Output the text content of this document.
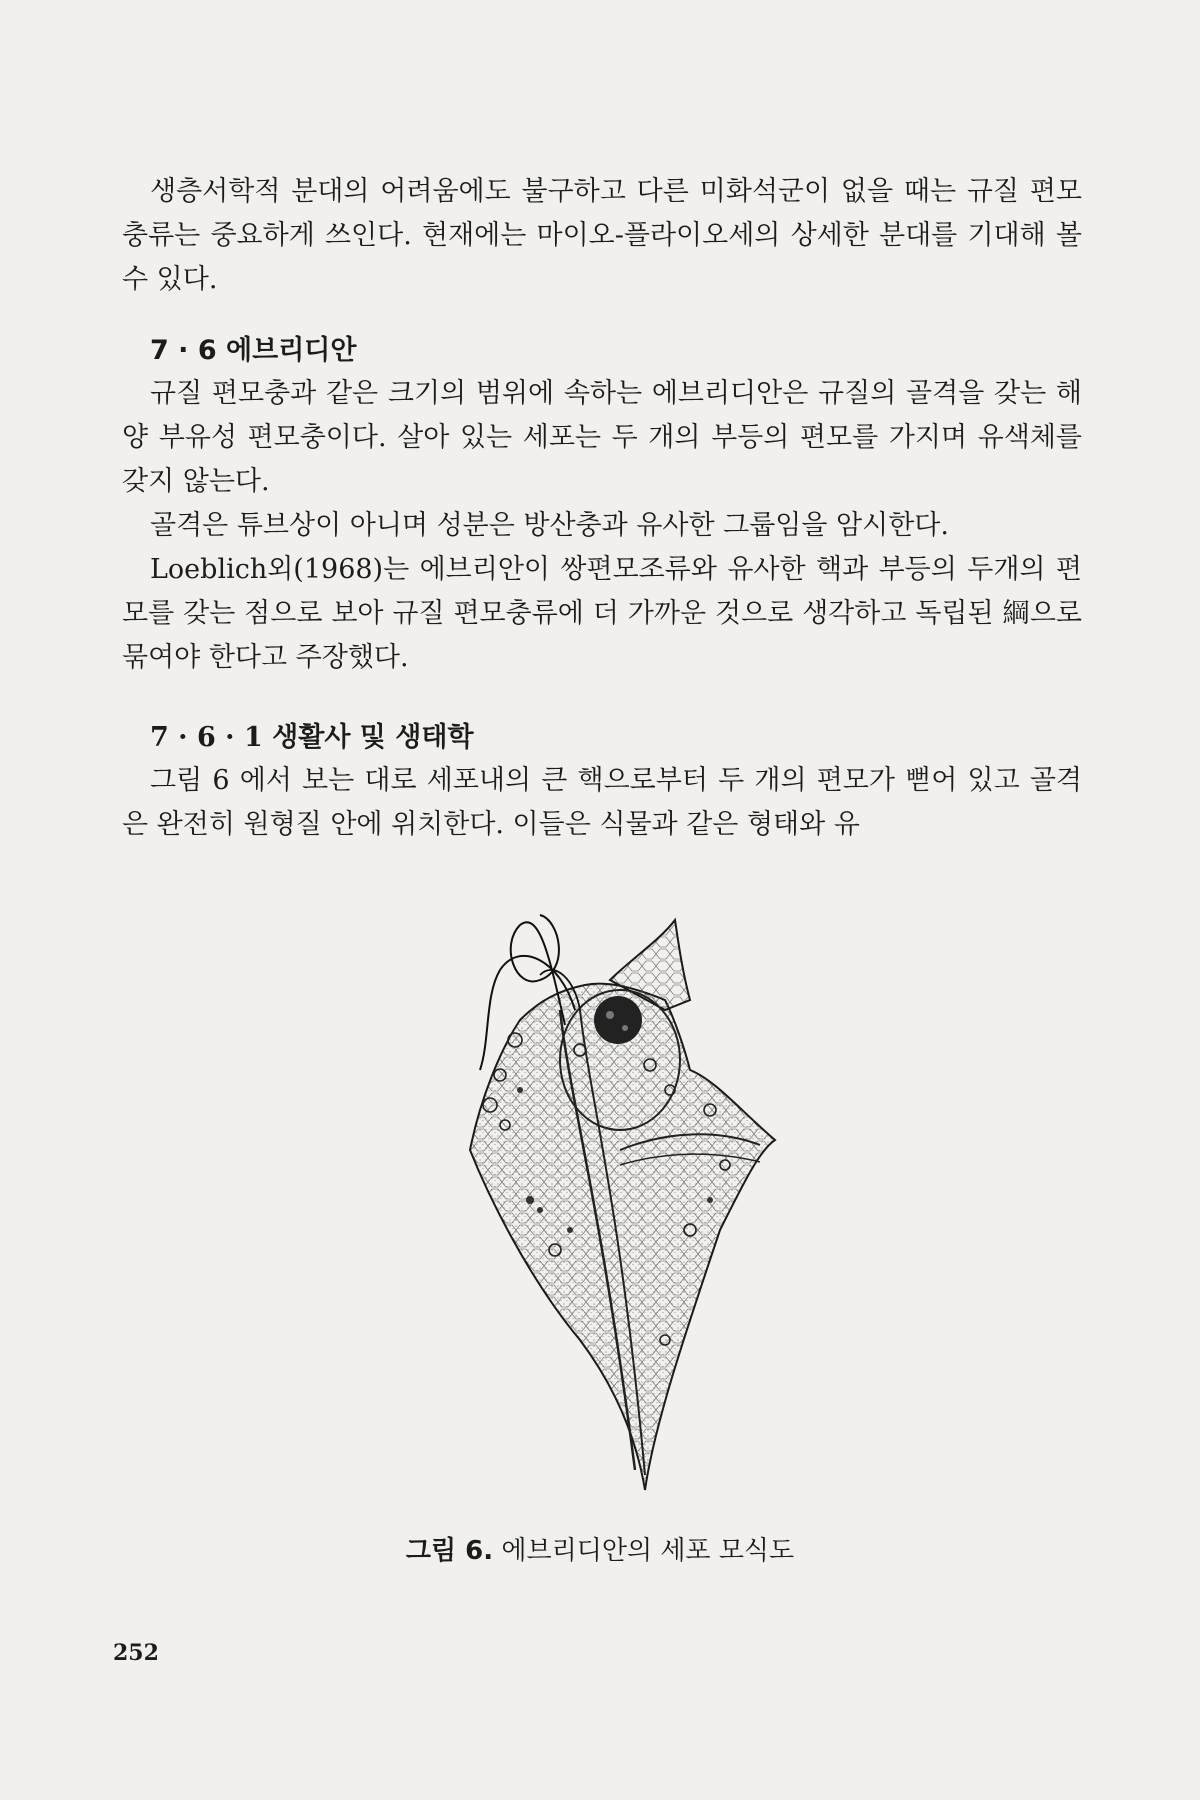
생층서학적 분대의 어려움에도 불구하고 다른 미화석군이 없을 때는 규질 편모충류는 중요하게 쓰인다. 현재에는 마이오-플라이오세의 상세한 분대를 기대해 볼 수 있다.

7 · 6 에브리디안

규질 편모충과 같은 크기의 범위에 속하는 에브리디안은 규질의 골격을 갖는 해양 부유성 편모충이다. 살아 있는 세포는 두 개의 부등의 편모를 가지며 유색체를 갖지 않는다.

골격은 튜브상이 아니며 성분은 방산충과 유사한 그룹임을 암시한다.

Loeblich외(1968)는 에브리안이 쌍편모조류와 유사한 핵과 부등의 두개의 편모를 갖는 점으로 보아 규질 편모충류에 더 가까운 것으로 생각하고 독립된 綱으로 묶여야 한다고 주장했다.

7 · 6 · 1 생활사 및 생태학

그림 6 에서 보는 대로 세포내의 큰 핵으로부터 두 개의 편모가 뻗어 있고 골격은 완전히 원형질 안에 위치한다. 이들은 식물과 같은 형태와 유

그림 6. 에브리디안의 세포 모식도
252
